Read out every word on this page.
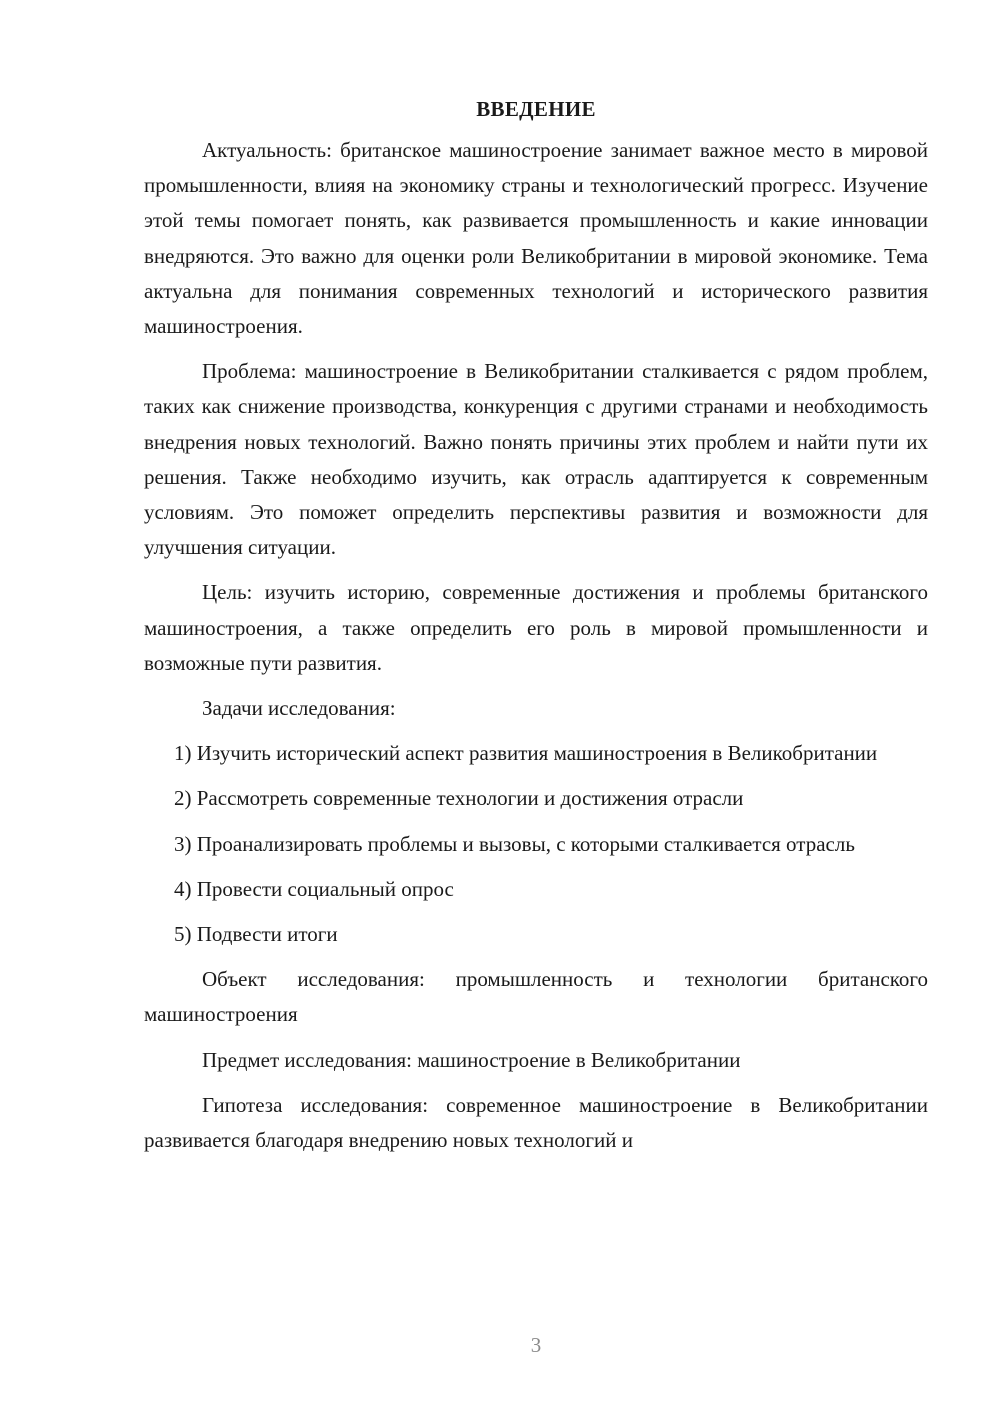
ВВЕДЕНИЕ

Актуальность: британское машиностроение занимает важное место в мировой промышленности, влияя на экономику страны и технологический прогресс. Изучение этой темы помогает понять, как развивается промышленность и какие инновации внедряются. Это важно для оценки роли Великобритании в мировой экономике. Тема актуальна для понимания современных технологий и исторического развития машиностроения.

Проблема: машиностроение в Великобритании сталкивается с рядом проблем, таких как снижение производства, конкуренция с другими странами и необходимость внедрения новых технологий. Важно понять причины этих проблем и найти пути их решения. Также необходимо изучить, как отрасль адаптируется к современным условиям. Это поможет определить перспективы развития и возможности для улучшения ситуации.

Цель: изучить историю, современные достижения и проблемы британского машиностроения, а также определить его роль в мировой промышленности и возможные пути развития.

Задачи исследования:

1) Изучить исторический аспект развития машиностроения в Великобритании

2) Рассмотреть современные технологии и достижения отрасли

3) Проанализировать проблемы и вызовы, с которыми сталкивается отрасль

4) Провести социальный опрос

5) Подвести итоги

Объект исследования: промышленность и технологии британского машиностроения

Предмет исследования: машиностроение в Великобритании

Гипотеза исследования: современное машиностроение в Великобритании развивается благодаря внедрению новых технологий и

3
